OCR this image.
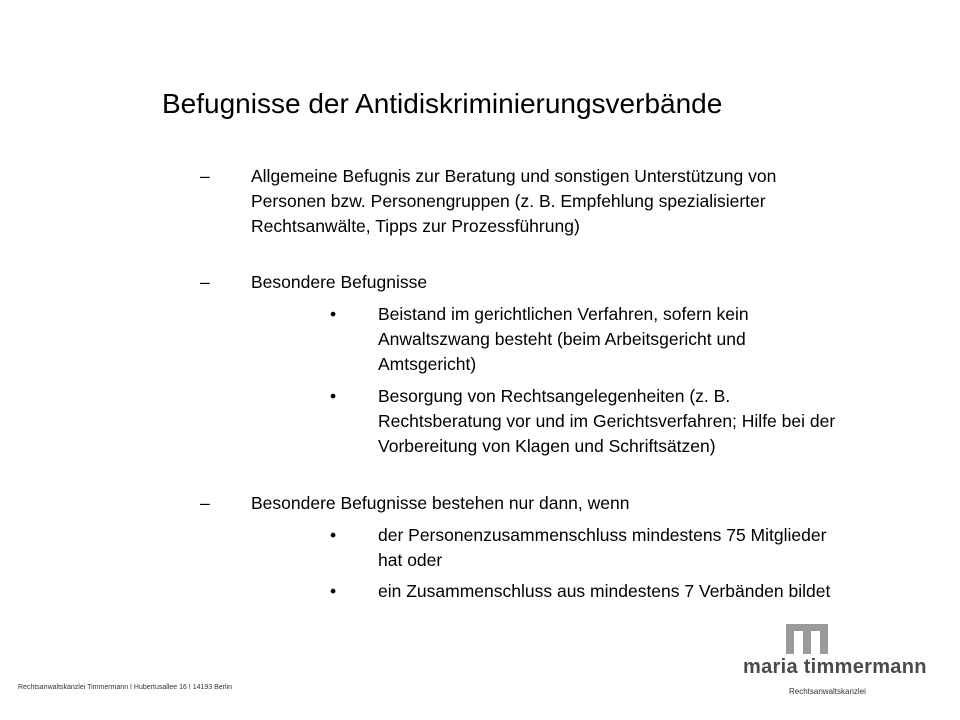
Befugnisse der Antidiskriminierungsverbände
– Allgemeine Befugnis zur Beratung und sonstigen Unterstützung von Personen bzw. Personengruppen (z. B. Empfehlung spezialisierter Rechtsanwälte, Tipps zur Prozessführung)
– Besondere Befugnisse
• Beistand im gerichtlichen Verfahren, sofern kein Anwaltszwang besteht (beim Arbeitsgericht und Amtsgericht)
• Besorgung von Rechtsangelegenheiten (z. B. Rechtsberatung vor und im Gerichtsverfahren; Hilfe bei der Vorbereitung von Klagen und Schriftsätzen)
– Besondere Befugnisse bestehen nur dann, wenn
• der Personenzusammenschluss mindestens 75 Mitglieder hat oder
• ein Zusammenschluss aus mindestens 7 Verbänden bildet
Rechtsanwaltskanzlei Timmermann I Hubertusallee 16 I 14193 Berlin
maria timmermann
Rechtsanwaltskanzlei
